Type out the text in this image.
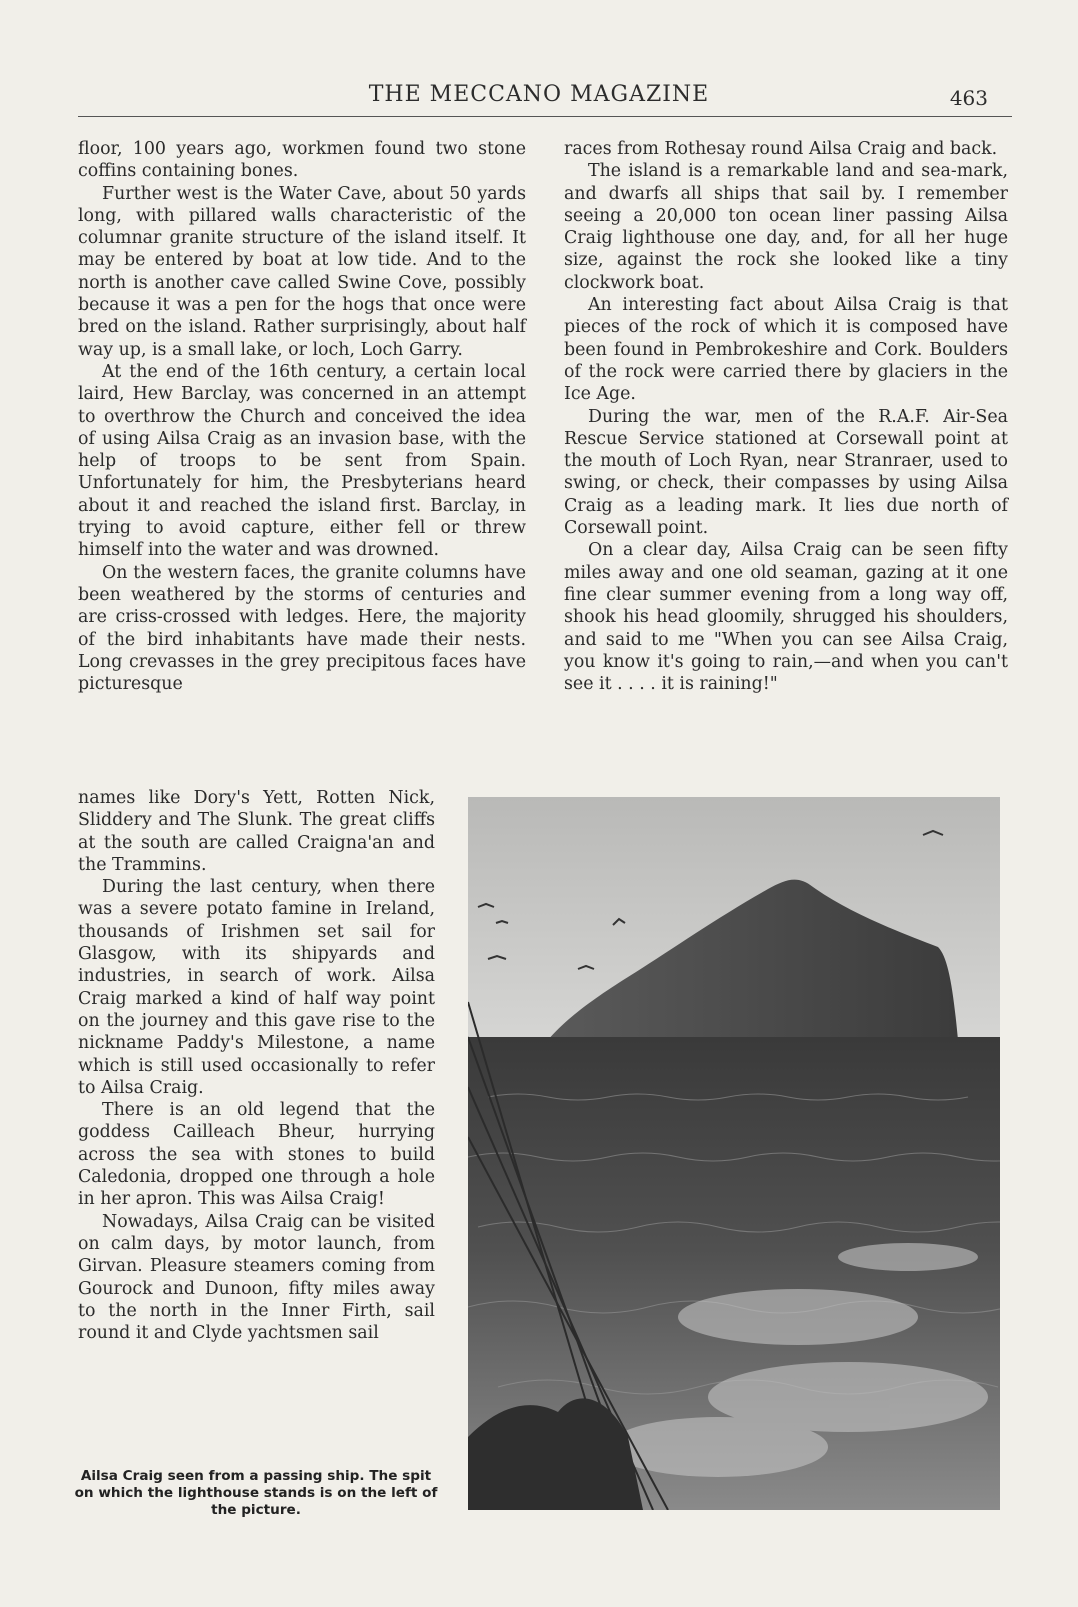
THE MECCANO MAGAZINE	463

floor, 100 years ago, workmen found two stone coffins containing bones.

Further west is the Water Cave, about 50 yards long, with pillared walls characteristic of the columnar granite structure of the island itself. It may be entered by boat at low tide. And to the north is another cave called Swine Cove, possibly because it was a pen for the hogs that once were bred on the island. Rather surprisingly, about half way up, is a small lake, or loch, Loch Garry.

At the end of the 16th century, a certain local laird, Hew Barclay, was concerned in an attempt to overthrow the Church and conceived the idea of using Ailsa Craig as an invasion base, with the help of troops to be sent from Spain. Unfortunately for him, the Presbyterians heard about it and reached the island first. Barclay, in trying to avoid capture, either fell or threw himself into the water and was drowned.

On the western faces, the granite columns have been weathered by the storms of centuries and are criss-crossed with ledges. Here, the majority of the bird inhabitants have made their nests. Long crevasses in the grey precipitous faces have picturesque

names like Dory's Yett, Rotten Nick, Sliddery and The Slunk. The great cliffs at the south are called Craigna'an and the Trammins.

During the last century, when there was a severe potato famine in Ireland, thousands of Irishmen set sail for Glasgow, with its shipyards and industries, in search of work. Ailsa Craig marked a kind of half way point on the journey and this gave rise to the nickname Paddy's Milestone, a name which is still used occasionally to refer to Ailsa Craig.

There is an old legend that the goddess Cailleach Bheur, hurrying across the sea with stones to build Caledonia, dropped one through a hole in her apron. This was Ailsa Craig!

Nowadays, Ailsa Craig can be visited on calm days, by motor launch, from Girvan. Pleasure steamers coming from Gourock and Dunoon, fifty miles away to the north in the Inner Firth, sail round it and Clyde yachtsmen sail

races from Rothesay round Ailsa Craig and back.

The island is a remarkable land and sea-mark, and dwarfs all ships that sail by. I remember seeing a 20,000 ton ocean liner passing Ailsa Craig lighthouse one day, and, for all her huge size, against the rock she looked like a tiny clockwork boat.

An interesting fact about Ailsa Craig is that pieces of the rock of which it is composed have been found in Pembrokeshire and Cork. Boulders of the rock were carried there by glaciers in the Ice Age.

During the war, men of the R.A.F. Air-Sea Rescue Service stationed at Corsewall point at the mouth of Loch Ryan, near Stranraer, used to swing, or check, their compasses by using Ailsa Craig as a leading mark. It lies due north of Corsewall point.

On a clear day, Ailsa Craig can be seen fifty miles away and one old seaman, gazing at it one fine clear summer evening from a long way off, shook his head gloomily, shrugged his shoulders, and said to me "When you can see Ailsa Craig, you know it's going to rain,—and when you can't see it . . . . it is raining!"

Ailsa Craig seen from a passing ship. The spit on which the lighthouse stands is on the left of the picture.
